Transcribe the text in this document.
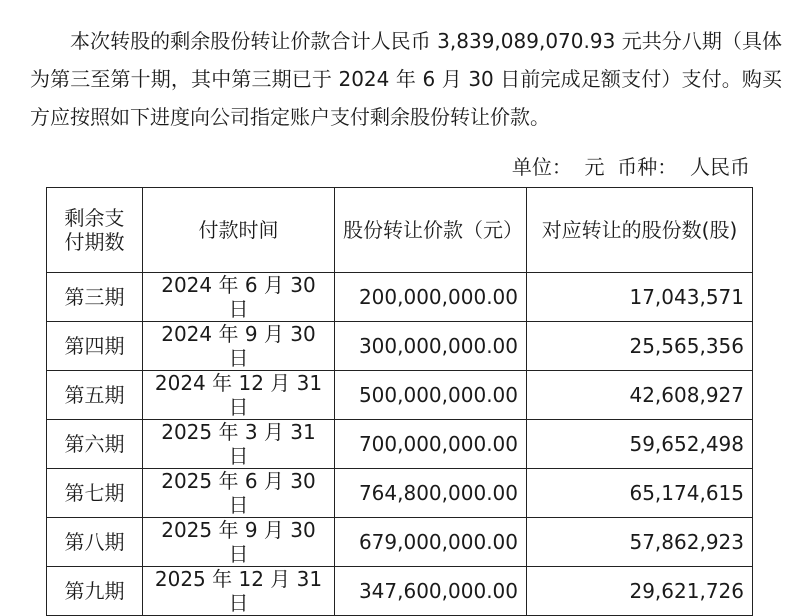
本次转股的剩余股份转让价款合计人民币 3,839,089,070.93 元共分八期（具体为第三至第十期，其中第三期已于 2024 年 6 月 30 日前完成足额支付）支付。购买方应按照如下进度向公司指定账户支付剩余股份转让价款。

单位：  元  币种：  人民币
剩余支
付期数	付款时间	股份转让价款（元）	对应转让的股份数(股)
第三期	2024 年 6 月 30 日	200,000,000.00	17,043,571
第四期	2024 年 9 月 30 日	300,000,000.00	25,565,356
第五期	2024 年 12 月 31 日	500,000,000.00	42,608,927
第六期	2025 年 3 月 31 日	700,000,000.00	59,652,498
第七期	2025 年 6 月 30 日	764,800,000.00	65,174,615
第八期	2025 年 9 月 30 日	679,000,000.00	57,862,923
第九期	2025 年 12 月 31 日	347,600,000.00	29,621,726
